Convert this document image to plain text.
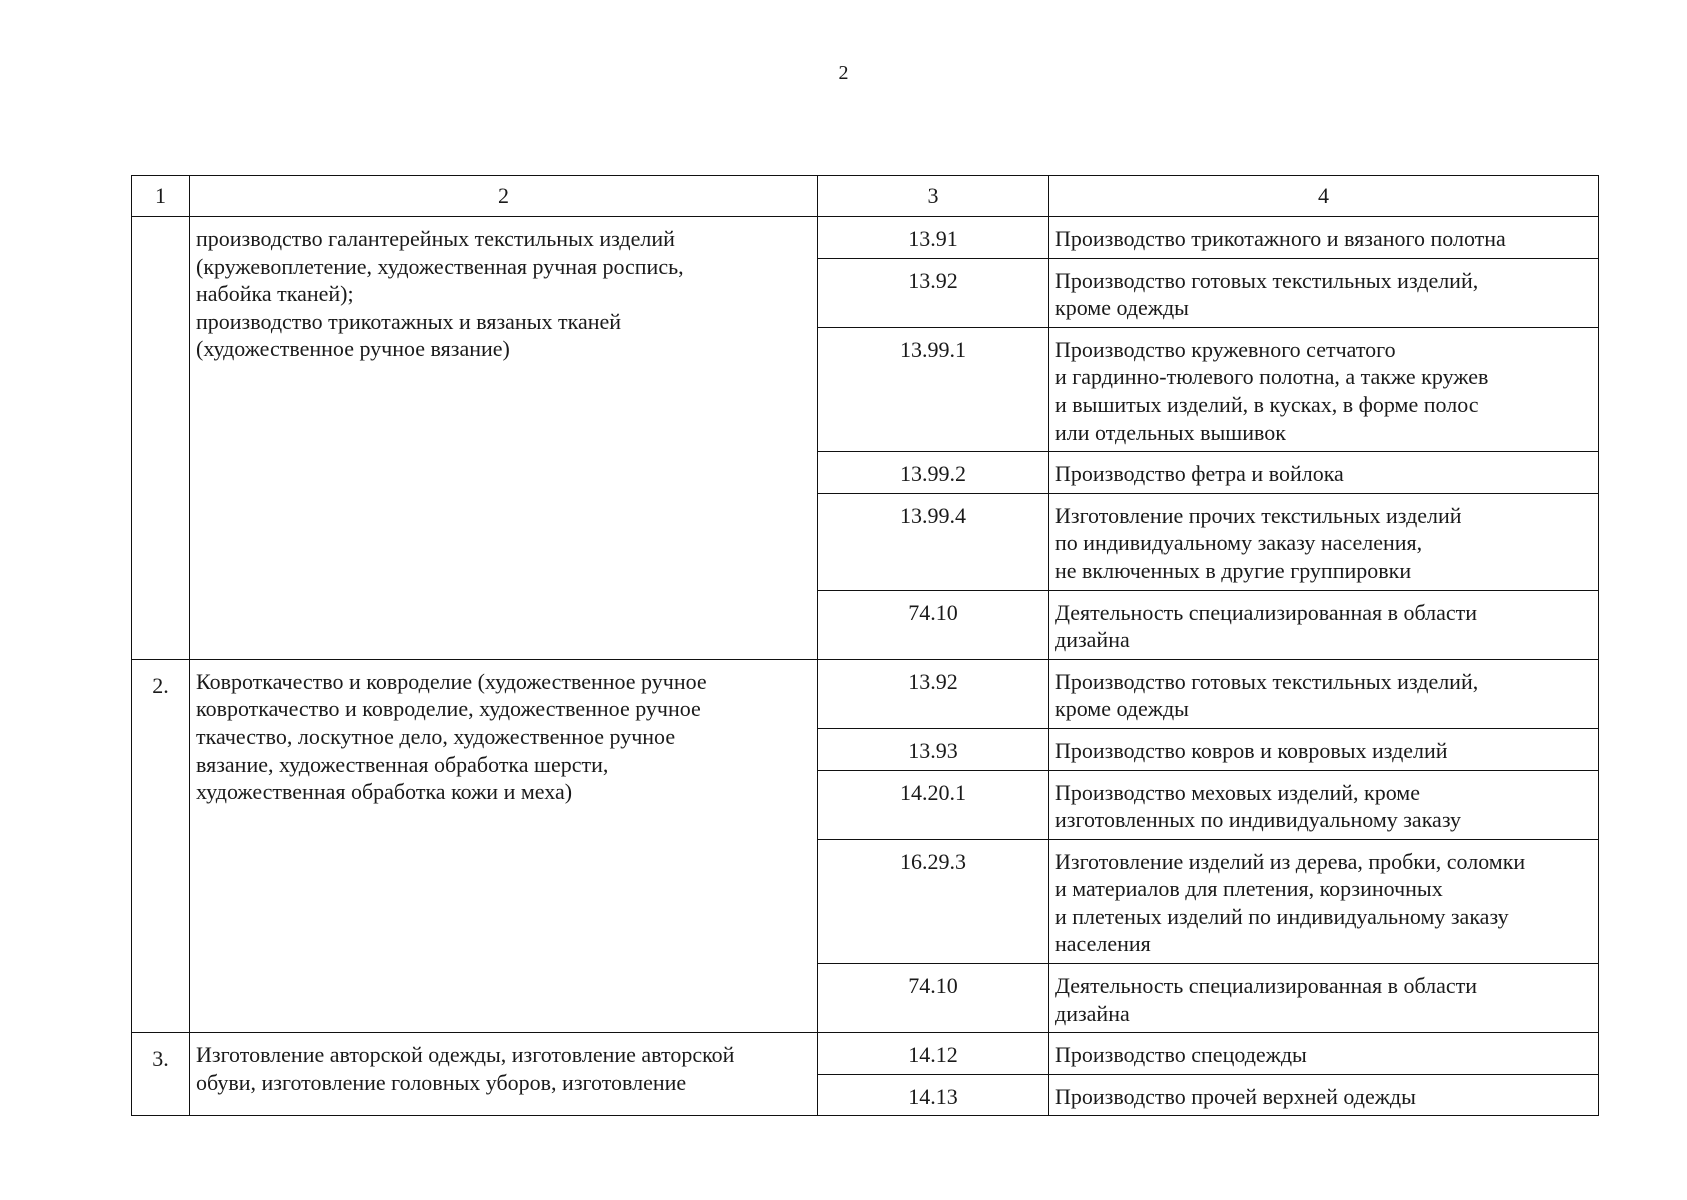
2
1	2	3	4
	производство галантерейных текстильных изделий
(кружевоплетение, художественная ручная роспись,
набойка тканей);
производство трикотажных и вязаных тканей
(художественное ручное вязание)	13.91	Производство трикотажного и вязаного полотна
		13.92	Производство готовых текстильных изделий,
кроме одежды
		13.99.1	Производство кружевного сетчатого
и гардинно-тюлевого полотна, а также кружев
и вышитых изделий, в кусках, в форме полос
или отдельных вышивок
		13.99.2	Производство фетра и войлока
		13.99.4	Изготовление прочих текстильных изделий
по индивидуальному заказу населения,
не включенных в другие группировки
		74.10	Деятельность специализированная в области
дизайна
2.	Ковроткачество и ковроделие (художественное ручное
ковроткачество и ковроделие, художественное ручное
ткачество, лоскутное дело, художественное ручное
вязание, художественная обработка шерсти,
художественная обработка кожи и меха)	13.92	Производство готовых текстильных изделий,
кроме одежды
		13.93	Производство ковров и ковровых изделий
		14.20.1	Производство меховых изделий, кроме
изготовленных по индивидуальному заказу
		16.29.3	Изготовление изделий из дерева, пробки, соломки
и материалов для плетения, корзиночных
и плетеных изделий по индивидуальному заказу
населения
		74.10	Деятельность специализированная в области
дизайна
3.	Изготовление авторской одежды, изготовление авторской
обуви, изготовление головных уборов, изготовление	14.12	Производство спецодежды
		14.13	Производство прочей верхней одежды
